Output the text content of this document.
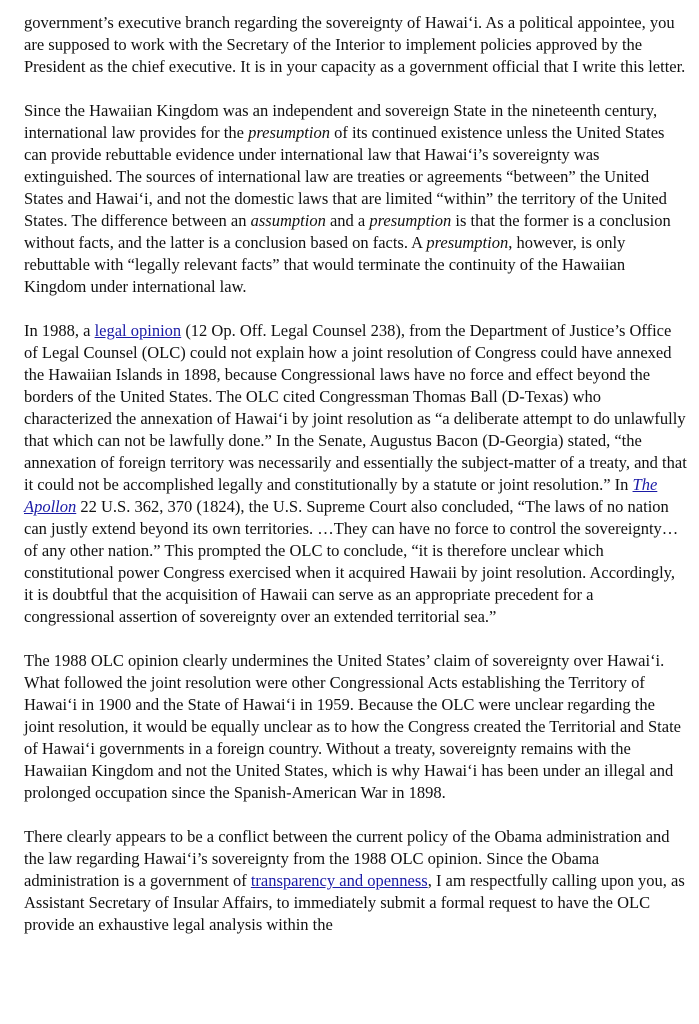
government’s executive branch regarding the sovereignty of Hawai‘i. As a political appointee, you are supposed to work with the Secretary of the Interior to implement policies approved by the President as the chief executive. It is in your capacity as a government official that I write this letter.

Since the Hawaiian Kingdom was an independent and sovereign State in the nineteenth century, international law provides for the presumption of its continued existence unless the United States can provide rebuttable evidence under international law that Hawai‘i’s sovereignty was extinguished. The sources of international law are treaties or agreements “between” the United States and Hawai‘i, and not the domestic laws that are limited “within” the territory of the United States. The difference between an assumption and a presumption is that the former is a conclusion without facts, and the latter is a conclusion based on facts. A presumption, however, is only rebuttable with “legally relevant facts” that would terminate the continuity of the Hawaiian Kingdom under international law.

In 1988, a legal opinion (12 Op. Off. Legal Counsel 238), from the Department of Justice’s Office of Legal Counsel (OLC) could not explain how a joint resolution of Congress could have annexed the Hawaiian Islands in 1898, because Congressional laws have no force and effect beyond the borders of the United States. The OLC cited Congressman Thomas Ball (D-Texas) who characterized the annexation of Hawai‘i by joint resolution as “a deliberate attempt to do unlawfully that which can not be lawfully done.” In the Senate, Augustus Bacon (D-Georgia) stated, “the annexation of foreign territory was necessarily and essentially the subject-matter of a treaty, and that it could not be accomplished legally and constitutionally by a statute or joint resolution.” In The Apollon 22 U.S. 362, 370 (1824), the U.S. Supreme Court also concluded, “The laws of no nation can justly extend beyond its own territories. …They can have no force to control the sovereignty…of any other nation.” This prompted the OLC to conclude, “it is therefore unclear which constitutional power Congress exercised when it acquired Hawaii by joint resolution. Accordingly, it is doubtful that the acquisition of Hawaii can serve as an appropriate precedent for a congressional assertion of sovereignty over an extended territorial sea.”

The 1988 OLC opinion clearly undermines the United States’ claim of sovereignty over Hawai‘i. What followed the joint resolution were other Congressional Acts establishing the Territory of Hawai‘i in 1900 and the State of Hawai‘i in 1959. Because the OLC were unclear regarding the joint resolution, it would be equally unclear as to how the Congress created the Territorial and State of Hawai‘i governments in a foreign country. Without a treaty, sovereignty remains with the Hawaiian Kingdom and not the United States, which is why Hawai‘i has been under an illegal and prolonged occupation since the Spanish-American War in 1898.

There clearly appears to be a conflict between the current policy of the Obama administration and the law regarding Hawai‘i’s sovereignty from the 1988 OLC opinion. Since the Obama administration is a government of transparency and openness, I am respectfully calling upon you, as Assistant Secretary of Insular Affairs, to immediately submit a formal request to have the OLC provide an exhaustive legal analysis within the
